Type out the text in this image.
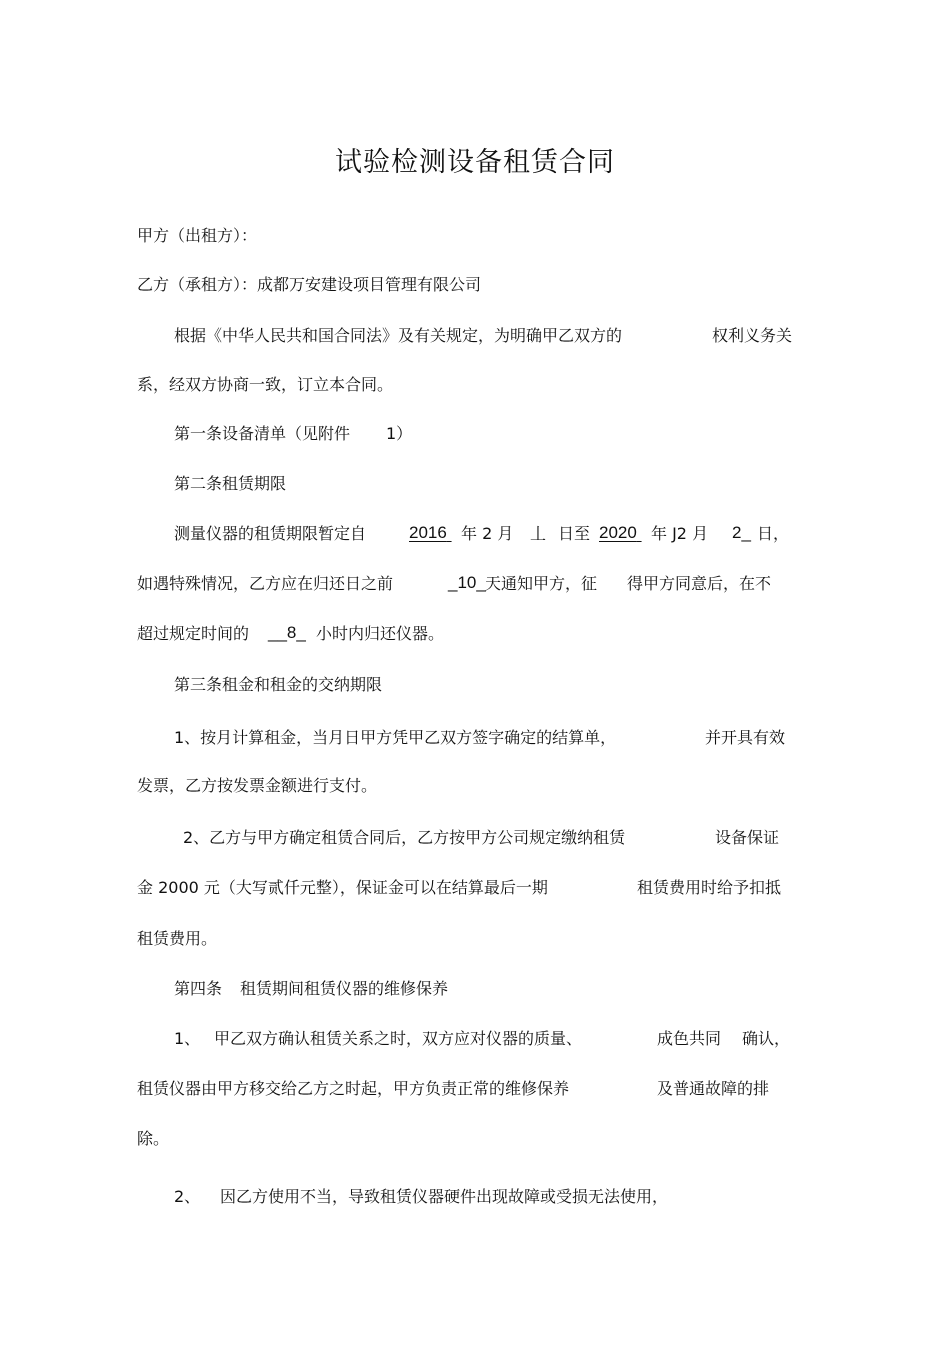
试验检测设备租赁合同
甲方（出租方）：
乙方（承租方）：成都万安建设项目管理有限公司
根据《中华人民共和国合同法》及有关规定，为明确甲乙双方的	权利义务关
系，经双方协商一致，订立本合同。
第一条设备清单（见附件 1）
第二条租赁期限
测量仪器的租赁期限暂定自	2016 年 2 月 丄 日至 2020 年 J2 月 2_ 日，
如遇特殊情况，乙方应在归还日之前	_10_ 天通知甲方，征 得甲方同意后，在不
超过规定时间的 __8_ 小时内归还仪器。
第三条租金和租金的交纳期限
1、按月计算租金，当月日甲方凭甲乙双方签字确定的结算单，	并开具有效
发票，乙方按发票金额进行支付。
2、乙方与甲方确定租赁合同后，乙方按甲方公司规定缴纳租赁	设备保证
金 2000 元（大写贰仟元整），保证金可以在结算最后一期	租赁费用时给予扣抵
租赁费用。
第四条 租赁期间租赁仪器的维修保养
1、 甲乙双方确认租赁关系之时，双方应对仪器的质量、	成色共同 确认，
租赁仪器由甲方移交给乙方之时起，甲方负责正常的维修保养	及普通故障的排
除。
2、 因乙方使用不当，导致租赁仪器硬件出现故障或受损无法使用，
